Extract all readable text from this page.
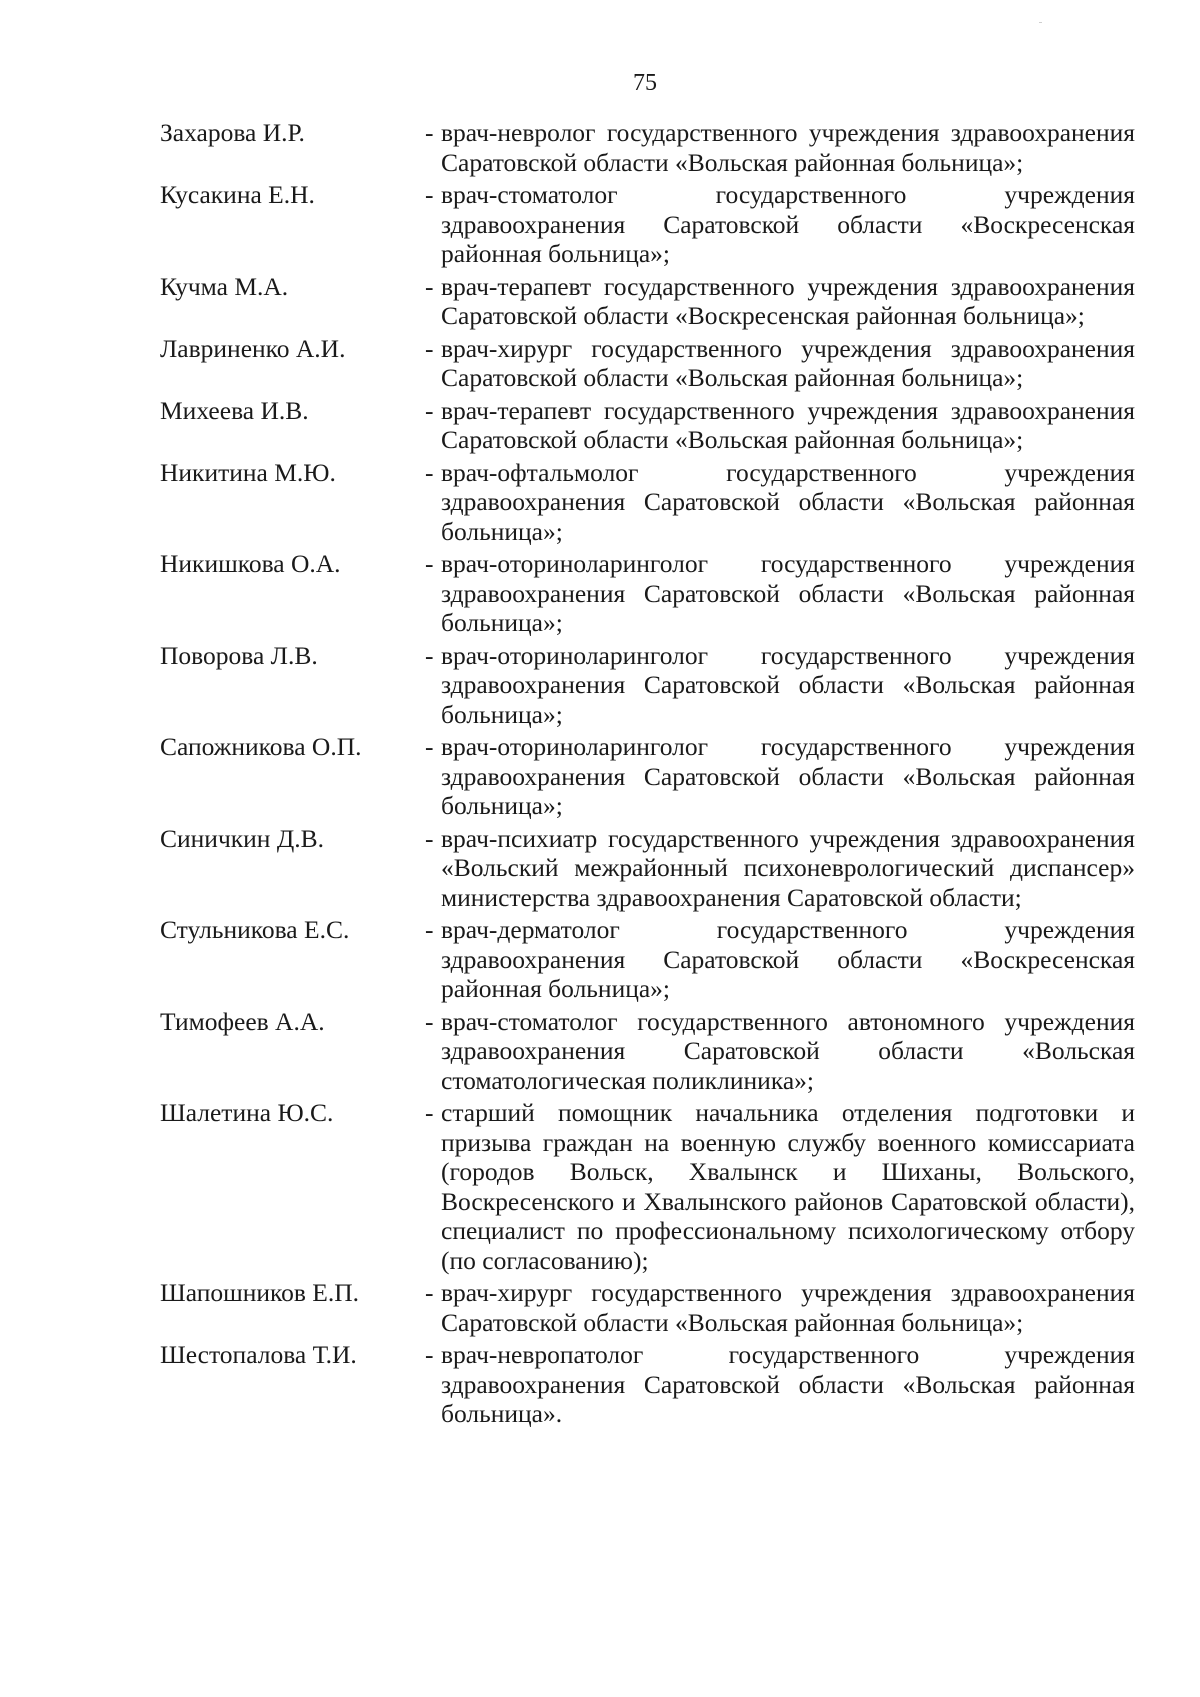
75
Захарова И.Р.	- врач-невролог государственного учреждения здравоохранения Саратовской области «Вольская районная больница»;
Кусакина Е.Н.	- врач-стоматолог государственного учреждения здравоохранения Саратовской области «Воскресенская районная больница»;
Кучма М.А.	- врач-терапевт государственного учреждения здравоохранения Саратовской области «Воскресенская районная больница»;
Лавриненко А.И.	- врач-хирург государственного учреждения здравоохранения Саратовской области «Вольская районная больница»;
Михеева И.В.	- врач-терапевт государственного учреждения здравоохранения Саратовской области «Вольская районная больница»;
Никитина М.Ю.	- врач-офтальмолог государственного учреждения здравоохранения Саратовской области «Вольская районная больница»;
Никишкова О.А.	- врач-оториноларинголог государственного учреждения здравоохранения Саратовской области «Вольская районная больница»;
Поворова Л.В.	- врач-оториноларинголог государственного учреждения здравоохранения Саратовской области «Вольская районная больница»;
Сапожникова О.П.	- врач-оториноларинголог государственного учреждения здравоохранения Саратовской области «Вольская районная больница»;
Синичкин Д.В.	- врач-психиатр государственного учреждения здравоохранения «Вольский межрайонный психоневрологический диспансер» министерства здравоохранения Саратовской области;
Стульникова Е.С.	- врач-дерматолог государственного учреждения здравоохранения Саратовской области «Воскресенская районная больница»;
Тимофеев А.А.	- врач-стоматолог государственного автономного учреждения здравоохранения Саратовской области «Вольская стоматологическая поликлиника»;
Шалетина Ю.С.	- старший помощник начальника отделения подготовки и призыва граждан на военную службу военного комиссариата (городов Вольск, Хвалынск и Шиханы, Вольского, Воскресенского и Хвалынского районов Саратовской области), специалист по профессиональному психологическому отбору (по согласованию);
Шапошников Е.П.	- врач-хирург государственного учреждения здравоохранения Саратовской области «Вольская районная больница»;
Шестопалова Т.И.	- врач-невропатолог государственного учреждения здравоохранения Саратовской области «Вольская районная больница».
